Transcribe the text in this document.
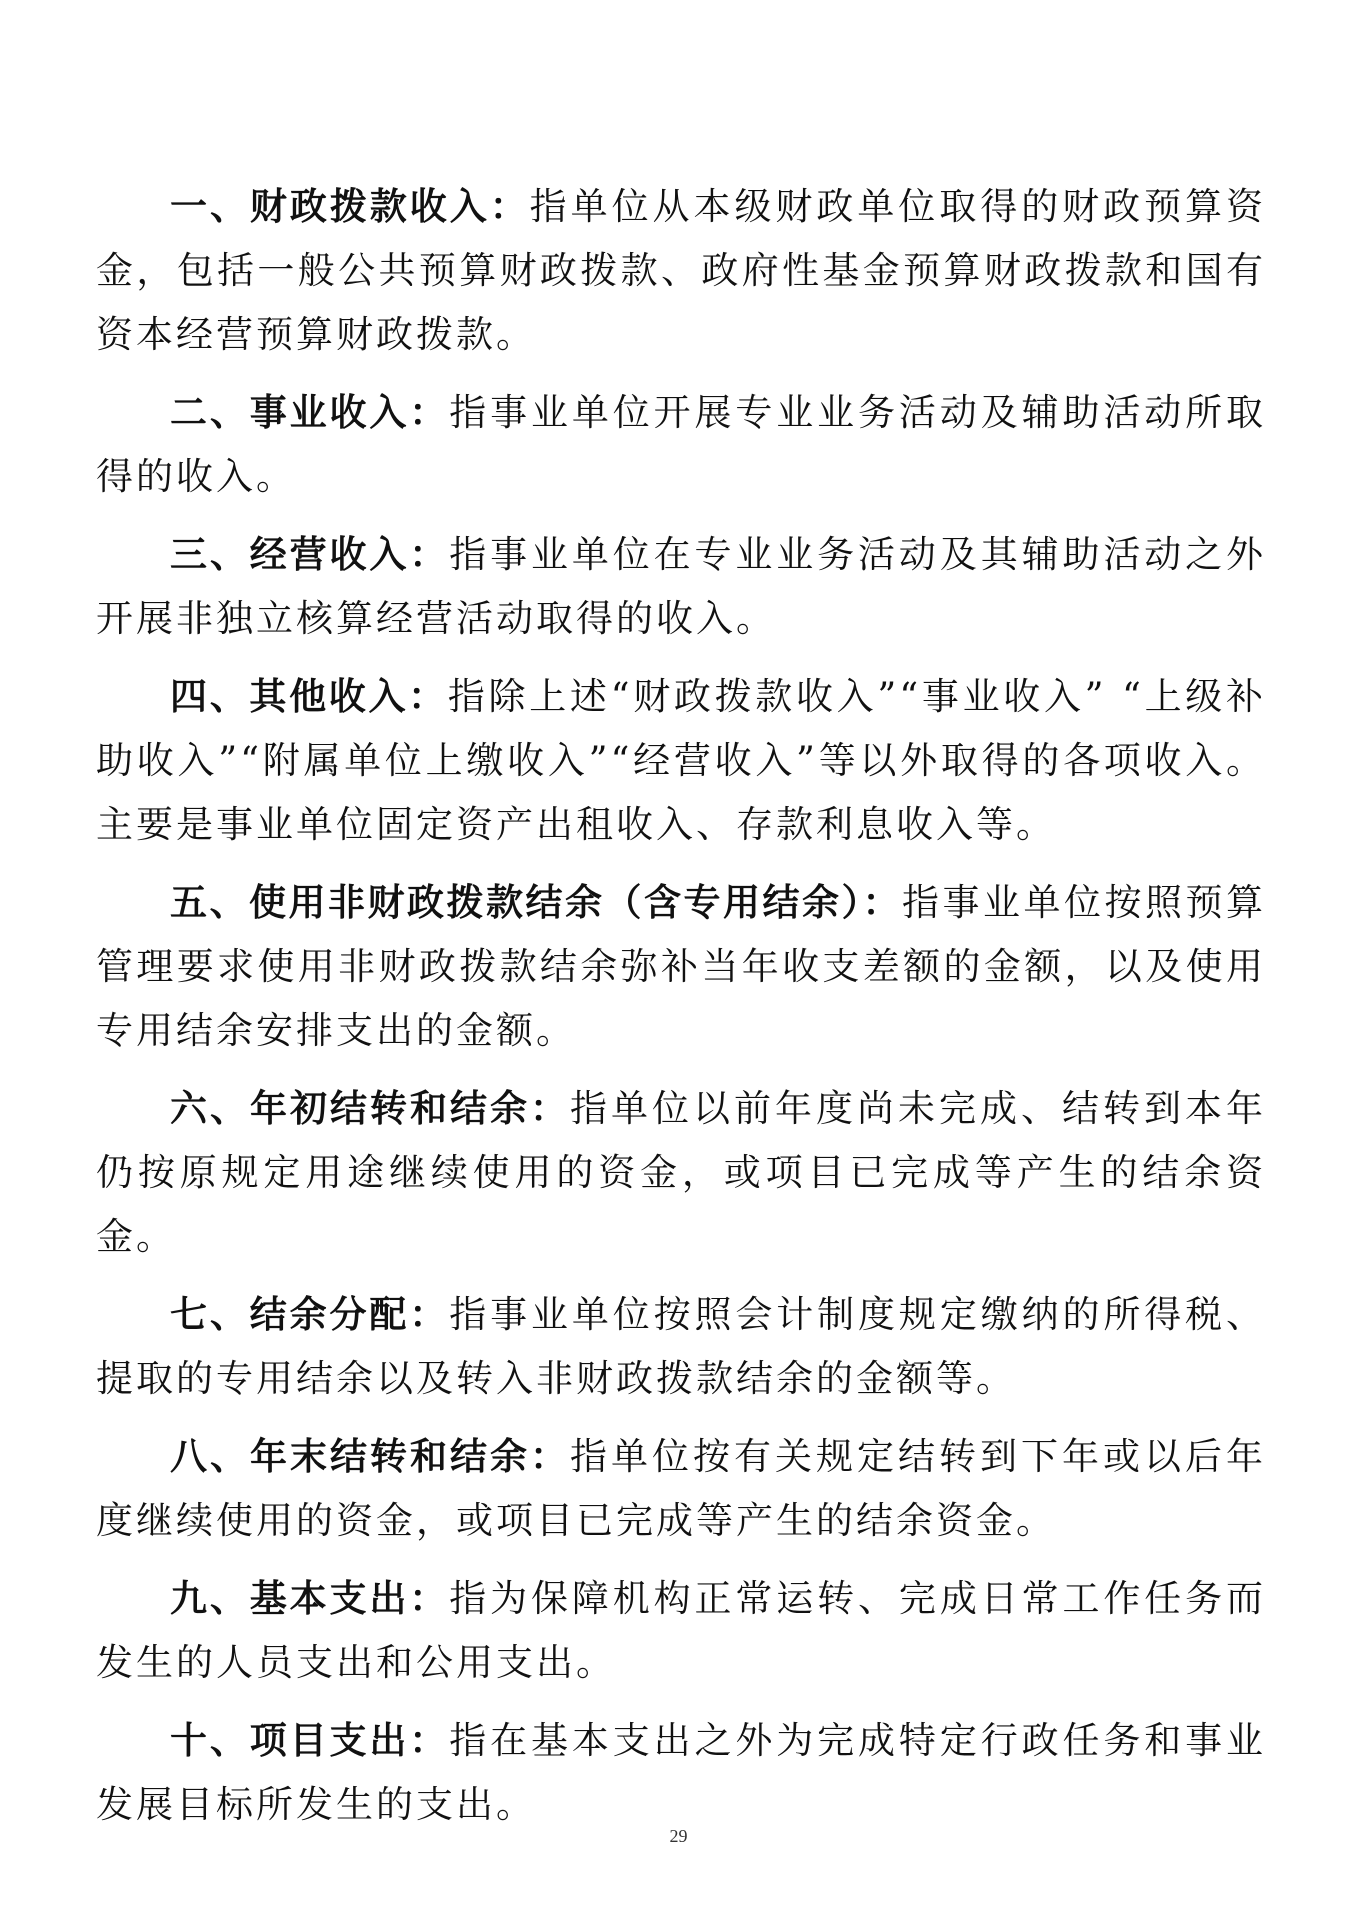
一、财政拨款收入：指单位从本级财政单位取得的财政预算资金，包括一般公共预算财政拨款、政府性基金预算财政拨款和国有资本经营预算财政拨款。

二、事业收入：指事业单位开展专业业务活动及辅助活动所取得的收入。

三、经营收入：指事业单位在专业业务活动及其辅助活动之外开展非独立核算经营活动取得的收入。

四、其他收入：指除上述“财政拨款收入”“事业收入” “上级补助收入”“附属单位上缴收入”“经营收入”等以外取得的各项收入。主要是事业单位固定资产出租收入、存款利息收入等。

五、使用非财政拨款结余（含专用结余）：指事业单位按照预算管理要求使用非财政拨款结余弥补当年收支差额的金额，以及使用专用结余安排支出的金额。

六、年初结转和结余：指单位以前年度尚未完成、结转到本年仍按原规定用途继续使用的资金，或项目已完成等产生的结余资金。

七、结余分配：指事业单位按照会计制度规定缴纳的所得税、提取的专用结余以及转入非财政拨款结余的金额等。

八、年末结转和结余：指单位按有关规定结转到下年或以后年度继续使用的资金，或项目已完成等产生的结余资金。

九、基本支出：指为保障机构正常运转、完成日常工作任务而发生的人员支出和公用支出。

十、项目支出：指在基本支出之外为完成特定行政任务和事业发展目标所发生的支出。

29
